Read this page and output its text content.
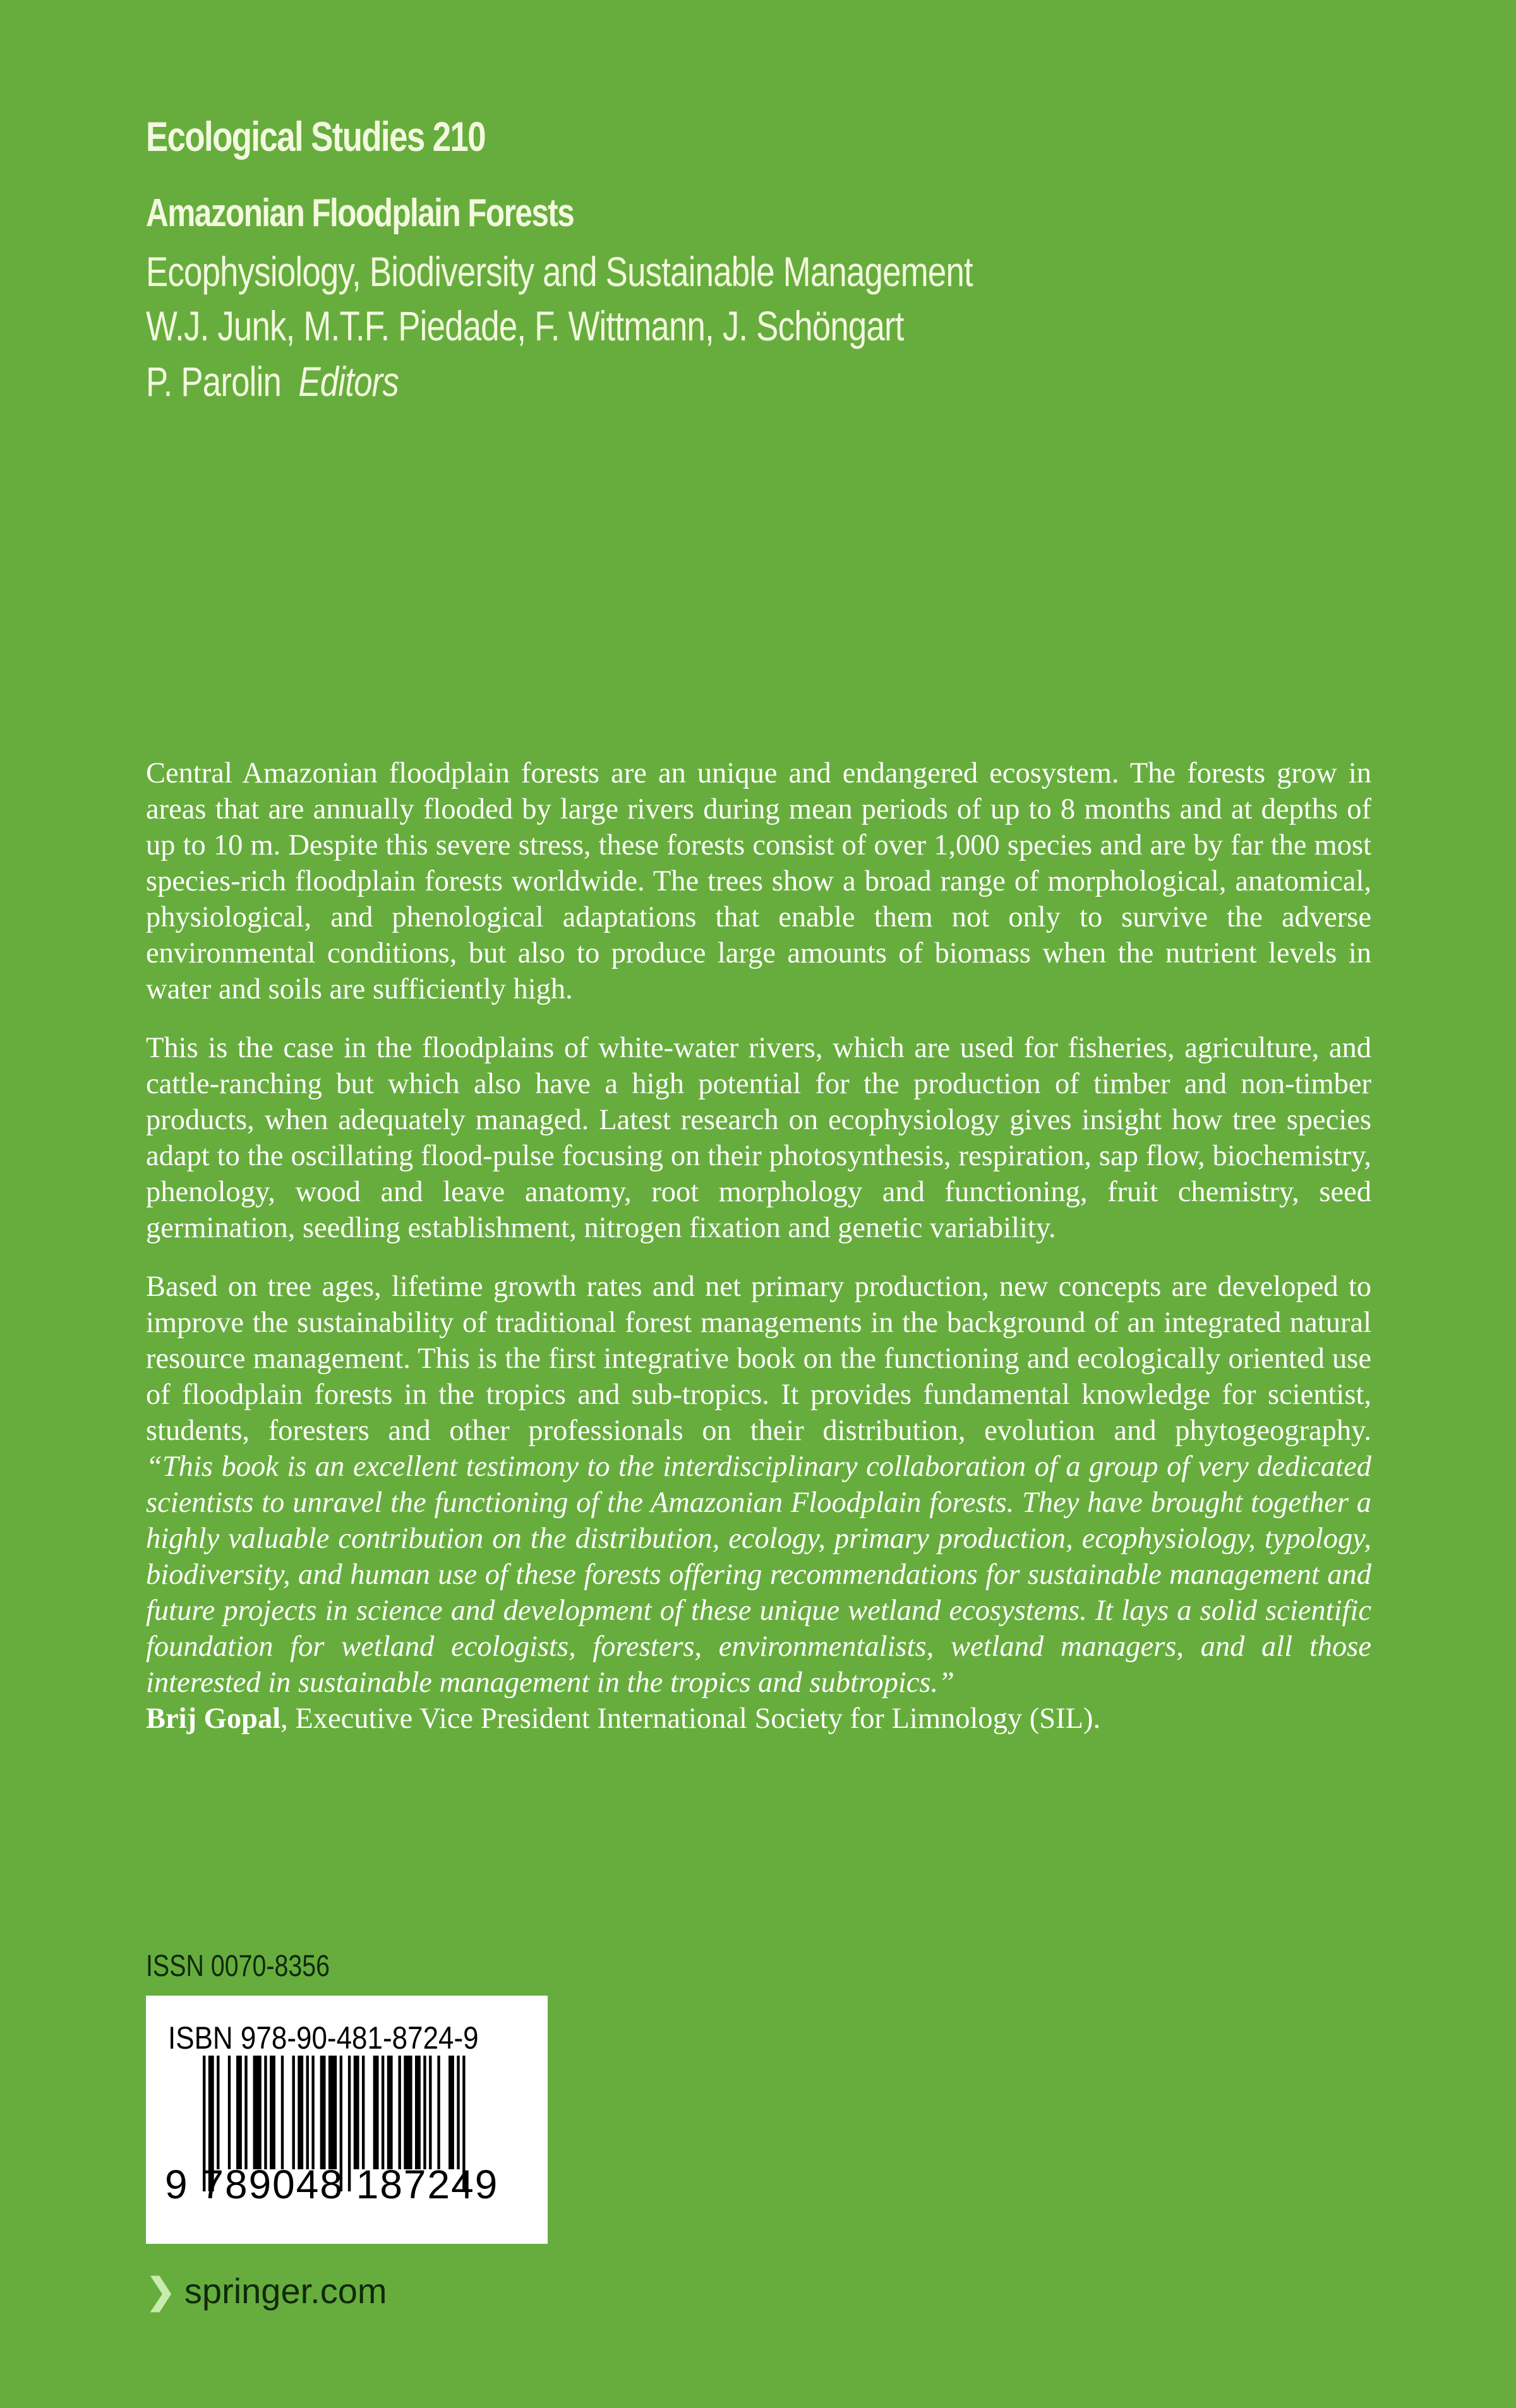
Ecological Studies 210
Amazonian Floodplain Forests
Ecophysiology, Biodiversity and Sustainable Management
W.J. Junk, M.T.F. Piedade, F. Wittmann, J. Schöngart
P. Parolin Editors

Central Amazonian floodplain forests are an unique and endangered ecosystem. The forests grow in areas that are annually flooded by large rivers during mean periods of up to 8 months and at depths of up to 10 m. Despite this severe stress, these forests consist of over 1,000 species and are by far the most species-rich floodplain forests worldwide. The trees show a broad range of morphological, anatomical, physiological, and phenological adaptations that enable them not only to survive the adverse environmental conditions, but also to produce large amounts of biomass when the nutrient levels in water and soils are sufficiently high.

This is the case in the floodplains of white-water rivers, which are used for fisheries, agriculture, and cattle-ranching but which also have a high potential for the production of timber and non-timber products, when adequately managed. Latest research on ecophysiology gives insight how tree species adapt to the oscillating flood-pulse focusing on their photosynthesis, respiration, sap flow, biochemistry, phenology, wood and leave anatomy, root morphology and functioning, fruit chemistry, seed germination, seedling establishment, nitrogen fixation and genetic variability.

Based on tree ages, lifetime growth rates and net primary production, new concepts are developed to improve the sustainability of traditional forest managements in the background of an integrated natural resource management. This is the first integrative book on the functioning and ecologically oriented use of floodplain forests in the tropics and sub-tropics. It provides fundamental knowledge for scientist, students, foresters and other professionals on their distribution, evolution and phytogeography.

“This book is an excellent testimony to the interdisciplinary collaboration of a group of very dedicated scientists to unravel the functioning of the Amazonian Floodplain forests. They have brought together a highly valuable contribution on the distribution, ecology, primary production, ecophysiology, typology, biodiversity, and human use of these forests offering recommendations for sustainable management and future projects in science and development of these unique wetland ecosystems. It lays a solid scientific foundation for wetland ecologists, foresters, environmentalists, wetland managers, and all those interested in sustainable management in the tropics and subtropics.”

Brij Gopal, Executive Vice President International Society for Limnology (SIL).

ISSN 0070-8356
ISBN 978-90-481-8724-9
9 789048 187249
❯ springer.com
